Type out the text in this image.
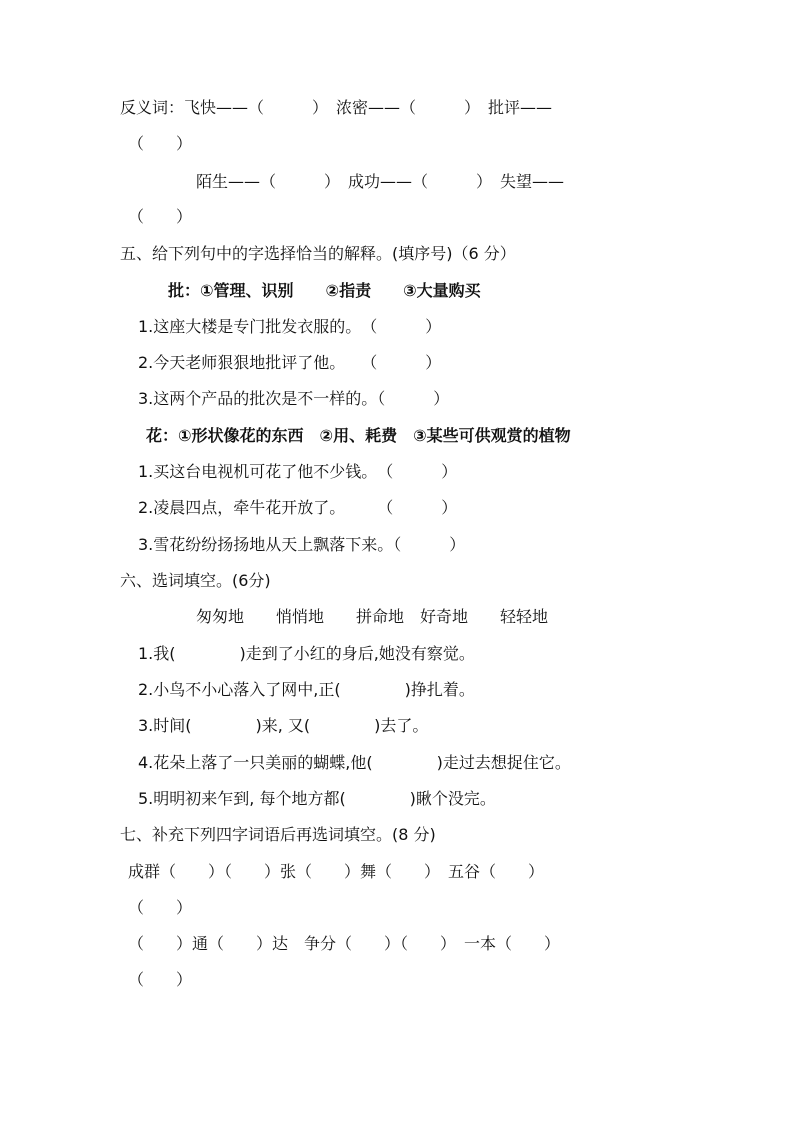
反义词：飞快——（　　　）　浓密——（　　　）　批评——
（　　）
陌生——（　　　）　成功——（　　　）　失望——
（　　）
五、给下列句中的字选择恰当的解释。(填序号)（6 分）
批：①管理、识别　　②指责　　③大量购买
1.这座大楼是专门批发衣服的。　（　　　）
2.今天老师狠狠地批评了他。　　（　　　）
3.这两个产品的批次是不一样的。（　　　）
花：①形状像花的东西　②用、耗费　③某些可供观赏的植物
1.买这台电视机可花了他不少钱。　（　　　）
2.凌晨四点，牵牛花开放了。　　　（　　　）
3.雪花纷纷扬扬地从天上飘落下来。（　　　）
六、选词填空。(6分)
匆匆地　　悄悄地　　拼命地　好奇地　　轻轻地
1.我(　　　　)走到了小红的身后,她没有察觉。
2.小鸟不小心落入了网中,正(　　　　)挣扎着。
3.时间(　　　　)来, 又(　　　　)去了。
4.花朵上落了一只美丽的蝴蝶,他(　　　　)走过去想捉住它。
5.明明初来乍到, 每个地方都(　　　　)瞅个没完。
七、补充下列四字词语后再选词填空。(8 分)
成群（　　）（　　）张（　　）舞（　　）　五谷（　　）
（　　）
（　　）通（　　）达　争分（　　）（　　）　一本（　　）
（　　）
